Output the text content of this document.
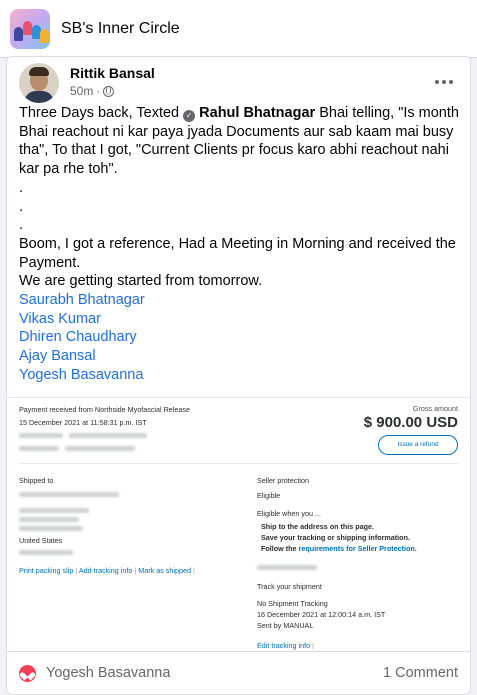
SB's Inner Circle
Rittik Bansal
50m ·

Three Days back, Texted ✓ Rahul Bhatnagar Bhai telling, "Is month Bhai reachout ni kar paya jyada Documents aur sab kaam mai busy tha", To that I got, "Current Clients pr focus karo abhi reachout nahi kar pa rhe toh".

.

.

.

Boom, I got a reference, Had a Meeting in Morning and received the Payment.

We are getting started from tomorrow.

Saurabh Bhatnagar
Vikas Kumar
Dhiren Chaudhary
Ajay Bansal
Yogesh Basavanna
Payment received from Northside Myofascial Release	Gross amount
15 December 2021 at 11:58:31 p.m. IST	$ 900.00 USD
Issue a refund
Shipped to
United States
Print packing slip | Add tracking info | Mark as shipped |
Seller protection
Eligible
Eligible when you ...
Ship to the address on this page.
Save your tracking or shipping information.
Follow the requirements for Seller Protection.
Track your shipment
No Shipment Tracking
16 December 2021 at 12:00:14 a.m. IST
Sent by MANUAL
Edit tracking info |
Yogesh Basavanna	1 Comment
